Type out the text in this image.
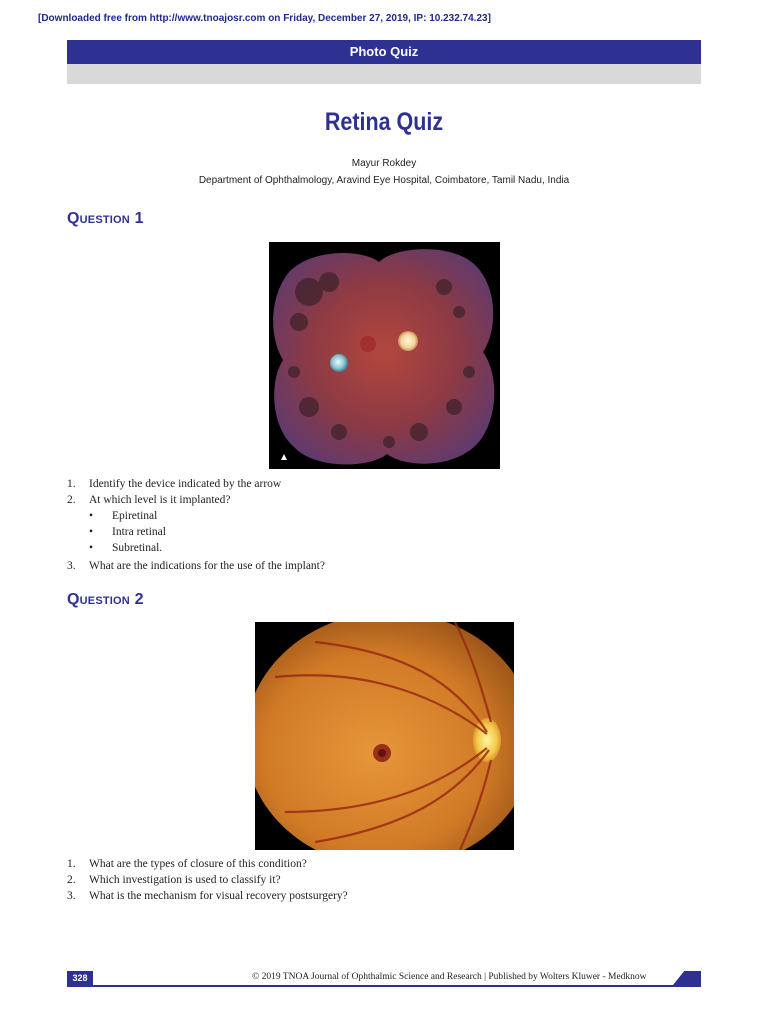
[Downloaded free from http://www.tnoajosr.com on Friday, December 27, 2019, IP: 10.232.74.23]
Photo Quiz
Retina Quiz
Mayur Rokdey
Department of Ophthalmology, Aravind Eye Hospital, Coimbatore, Tamil Nadu, India
Question 1
1. Identify the device indicated by the arrow
2. At which level is it implanted?
• Epiretinal
• Intra retinal
• Subretinal.
3. What are the indications for the use of the implant?
Question 2
1. What are the types of closure of this condition?
2. Which investigation is used to classify it?
3. What is the mechanism for visual recovery postsurgery?
328	© 2019 TNOA Journal of Ophthalmic Science and Research | Published by Wolters Kluwer - Medknow
